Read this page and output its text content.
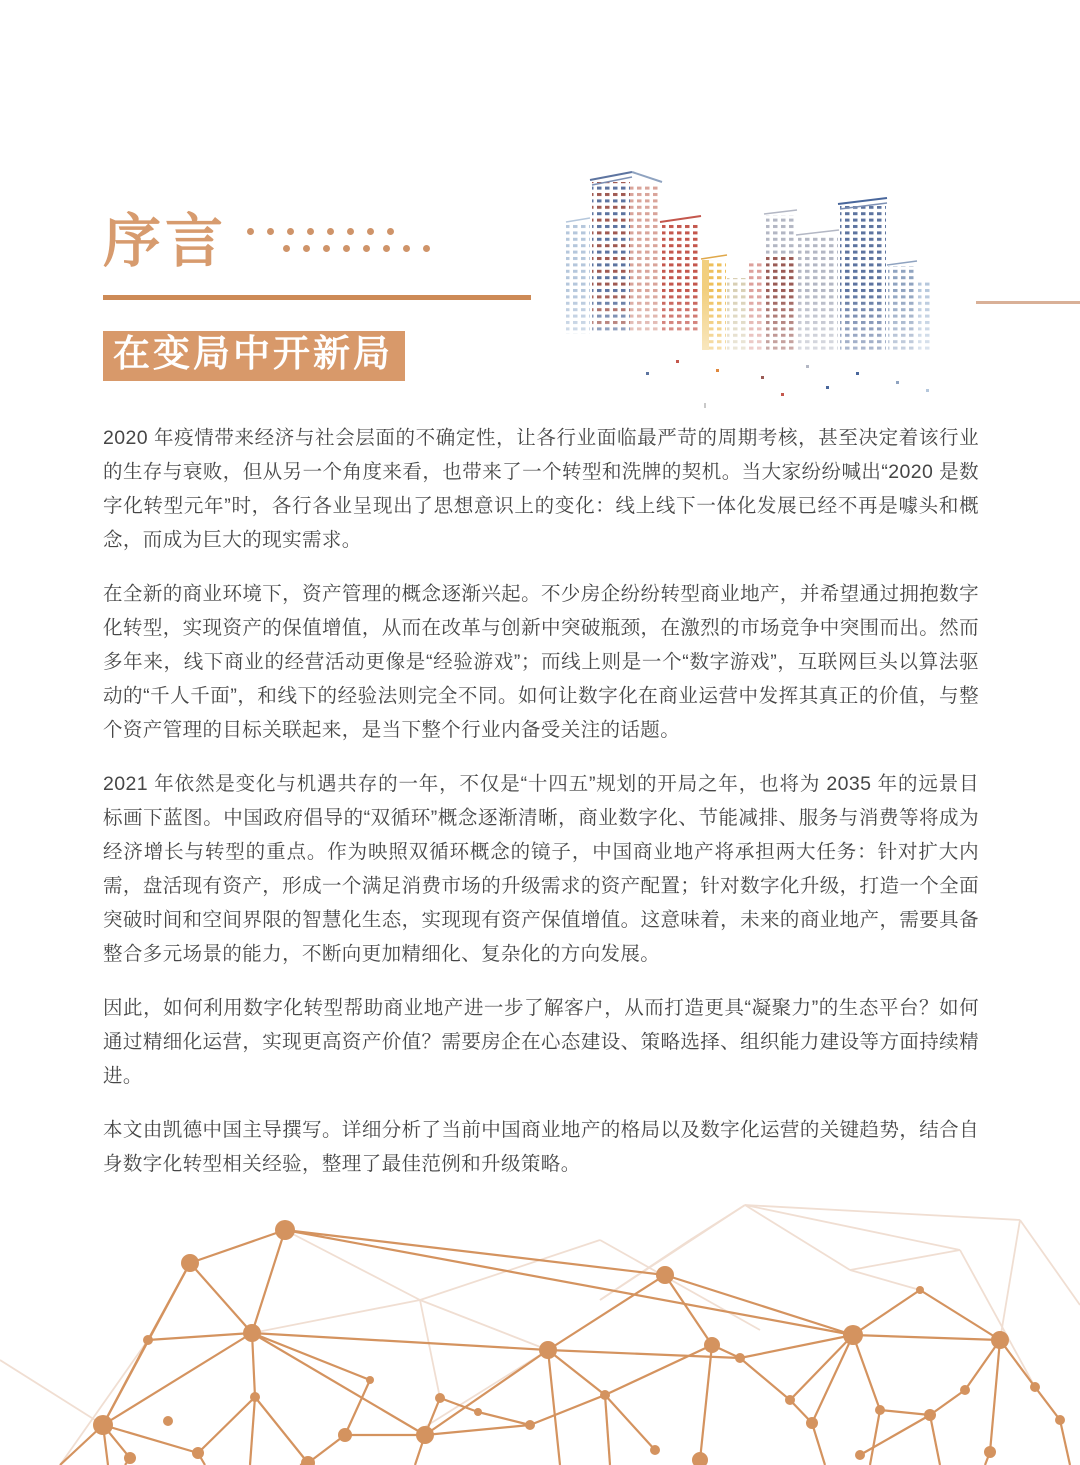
序言
在变局中开新局

2020 年疫情带来经济与社会层面的不确定性，让各行业面临最严苛的周期考核，甚至决定着该行业的生存与衰败，但从另一个角度来看，也带来了一个转型和洗牌的契机。当大家纷纷喊出“2020 是数字化转型元年”时，各行各业呈现出了思想意识上的变化：线上线下一体化发展已经不再是噱头和概念，而成为巨大的现实需求。

在全新的商业环境下，资产管理的概念逐渐兴起。不少房企纷纷转型商业地产，并希望通过拥抱数字化转型，实现资产的保值增值，从而在改革与创新中突破瓶颈，在激烈的市场竞争中突围而出。然而多年来，线下商业的经营活动更像是“经验游戏”；而线上则是一个“数字游戏”，互联网巨头以算法驱动的“千人千面”，和线下的经验法则完全不同。如何让数字化在商业运营中发挥其真正的价值，与整个资产管理的目标关联起来，是当下整个行业内备受关注的话题。

2021 年依然是变化与机遇共存的一年，不仅是“十四五”规划的开局之年，也将为 2035 年的远景目标画下蓝图。中国政府倡导的“双循环”概念逐渐清晰，商业数字化、节能减排、服务与消费等将成为经济增长与转型的重点。作为映照双循环概念的镜子，中国商业地产将承担两大任务：针对扩大内需，盘活现有资产，形成一个满足消费市场的升级需求的资产配置；针对数字化升级，打造一个全面突破时间和空间界限的智慧化生态，实现现有资产保值增值。这意味着，未来的商业地产，需要具备整合多元场景的能力，不断向更加精细化、复杂化的方向发展。

因此，如何利用数字化转型帮助商业地产进一步了解客户，从而打造更具“凝聚力”的生态平台？如何通过精细化运营，实现更高资产价值？需要房企在心态建设、策略选择、组织能力建设等方面持续精进。

本文由凯德中国主导撰写。详细分析了当前中国商业地产的格局以及数字化运营的关键趋势，结合自身数字化转型相关经验，整理了最佳范例和升级策略。
